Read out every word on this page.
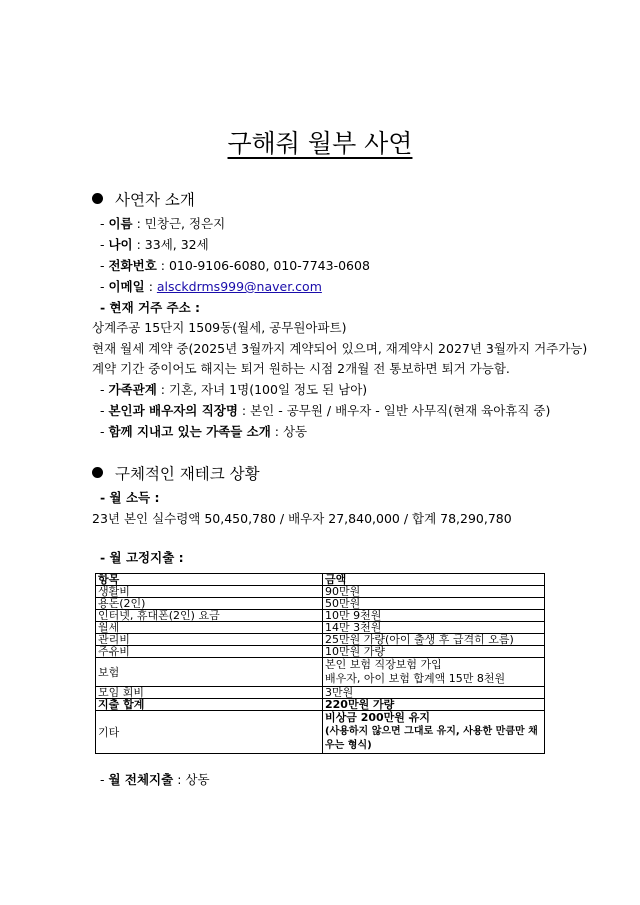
구해줘 월부 사연
사연자 소개
- 이름 : 민창근, 정은지
- 나이 : 33세, 32세
- 전화번호 : 010-9106-6080, 010-7743-0608
- 이메일 : alsckdrms999@naver.com
- 현재 거주 주소 :
상계주공 15단지 1509동(월세, 공무원아파트)
현재 월세 계약 중(2025년 3월까지 계약되어 있으며, 재계약시 2027년 3월까지 거주가능)
계약 기간 중이어도 해지는 퇴거 원하는 시점 2개월 전 통보하면 퇴거 가능함.
- 가족관계 : 기혼, 자녀 1명(100일 정도 된 남아)
- 본인과 배우자의 직장명 : 본인 - 공무원 / 배우자 - 일반 사무직(현재 육아휴직 중)
- 함께 지내고 있는 가족들 소개 : 상동
구체적인 재테크 상황
- 월 소득 :
23년 본인 실수령액 50,450,780 / 배우자 27,840,000 / 합계 78,290,780
- 월 고정지출 :
항목	금액
생활비	90만원
용돈(2인)	50만원
인터넷, 휴대폰(2인) 요금	10만 9천원
월세	14만 3천원
관리비	25만원 가량(아이 출생 후 급격히 오름)
주유비	10만원 가량
보험	본인 보험 직장보험 가입
배우자, 아이 보험 합계액 15만 8천원

모임 회비	3만원
지출 합계	220만원 가량
기타	비상금 200만원 유지
(사용하지 않으면 그대로 유지, 사용한 만큼만 채우는 형식)
- 월 전체지출 : 상동
